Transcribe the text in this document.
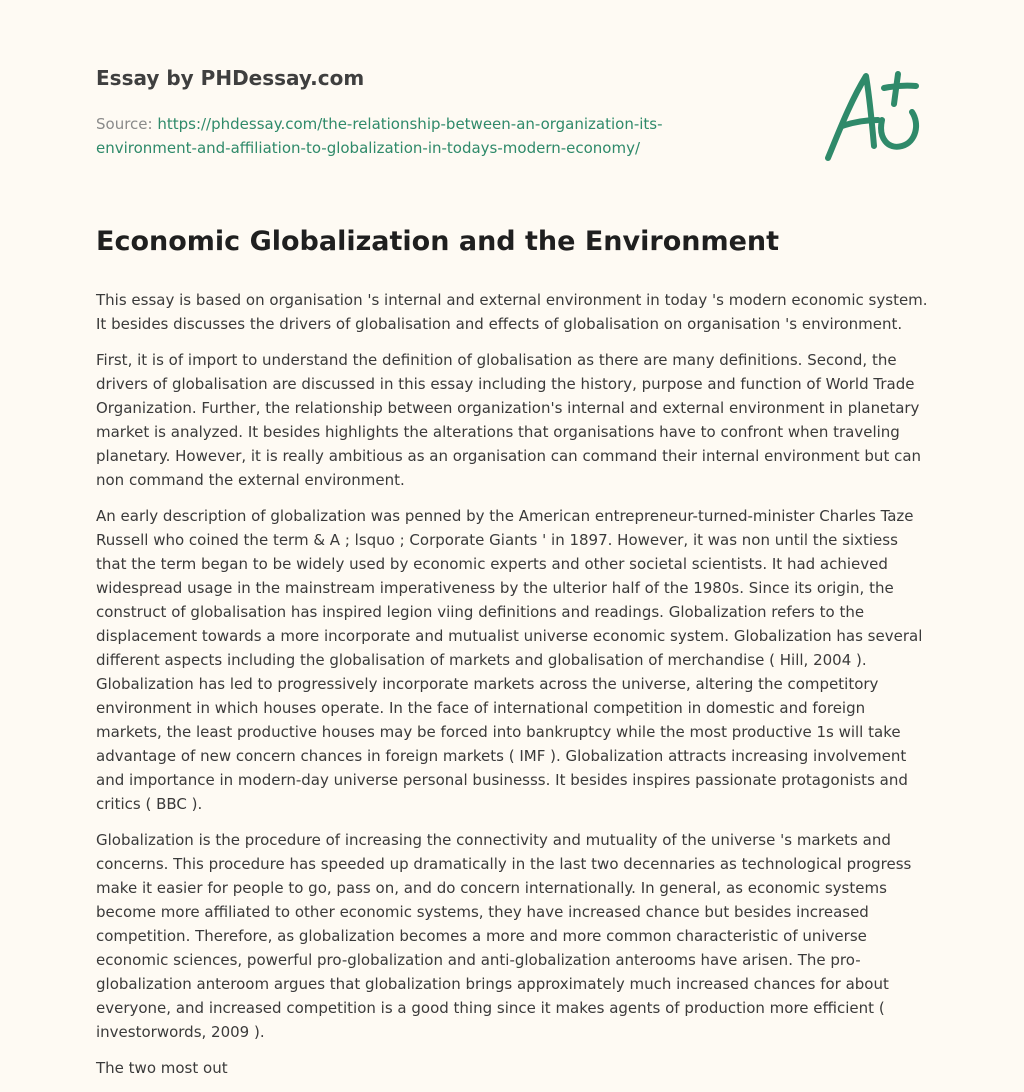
Essay by PHDessay.com
Source: https://phdessay.com/the-relationship-between-an-organization-its-
environment-and-affiliation-to-globalization-in-todays-modern-economy/
Economic Globalization and the Environment

This essay is based on organisation 's internal and external environment in today 's modern economic system. It besides discusses the drivers of globalisation and effects of globalisation on organisation 's environment.

First, it is of import to understand the definition of globalisation as there are many definitions. Second, the drivers of globalisation are discussed in this essay including the history, purpose and function of World Trade Organization. Further, the relationship between organization's internal and external environment in planetary market is analyzed. It besides highlights the alterations that organisations have to confront when traveling planetary. However, it is really ambitious as an organisation can command their internal environment but can non command the external environment.

An early description of globalization was penned by the American entrepreneur-turned-minister Charles Taze Russell who coined the term & A ; lsquo ; Corporate Giants ' in 1897. However, it was non until the sixtiess that the term began to be widely used by economic experts and other societal scientists. It had achieved widespread usage in the mainstream imperativeness by the ulterior half of the 1980s. Since its origin, the construct of globalisation has inspired legion viing definitions and readings. Globalization refers to the displacement towards a more incorporate and mutualist universe economic system. Globalization has several different aspects including the globalisation of markets and globalisation of merchandise ( Hill, 2004 ). Globalization has led to progressively incorporate markets across the universe, altering the competitory environment in which houses operate. In the face of international competition in domestic and foreign markets, the least productive houses may be forced into bankruptcy while the most productive 1s will take advantage of new concern chances in foreign markets ( IMF ). Globalization attracts increasing involvement and importance in modern-day universe personal businesss. It besides inspires passionate protagonists and critics ( BBC ).

Globalization is the procedure of increasing the connectivity and mutuality of the universe 's markets and concerns. This procedure has speeded up dramatically in the last two decennaries as technological progress make it easier for people to go, pass on, and do concern internationally. In general, as economic systems become more affiliated to other economic systems, they have increased chance but besides increased competition. Therefore, as globalization becomes a more and more common characteristic of universe economic sciences, powerful pro-globalization and anti-globalization anterooms have arisen. The pro-globalization anteroom argues that globalization brings approximately much increased chances for about everyone, and increased competition is a good thing since it makes agents of production more efficient ( investorwords, 2009 ).

The two most out
